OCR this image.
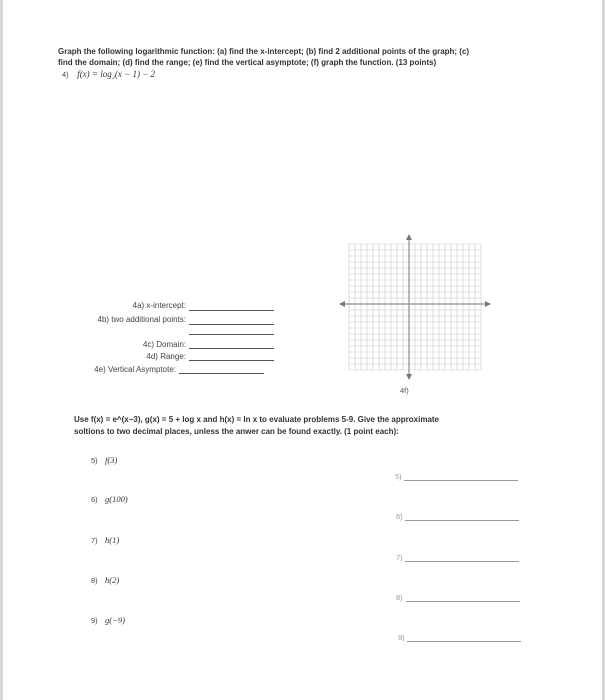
Graph the following logarithmic function: (a) find the x-intercept; (b) find 2 additional points of the graph; (c)
find the domain; (d) find the range; (e) find the vertical asymptote; (f) graph the function. (13 points)
4) f(x) = log₂(x − 1) − 2
4a) x-intercept:
4b) two additional points:
4c) Domain:
4d) Range:
4e) Vertical Asymptote:
4f)
Use f(x) = e^(x−3), g(x) = 5 + log x and h(x) = ln x to evaluate problems 5-9. Give the approximate
soltions to two decimal places, unless the anwer can be found exactly. (1 point each):
5) f(3)
5)
6) g(100)
6)
7) h(1)
7)
8) h(2)
8)
9) g(−9)
9)
